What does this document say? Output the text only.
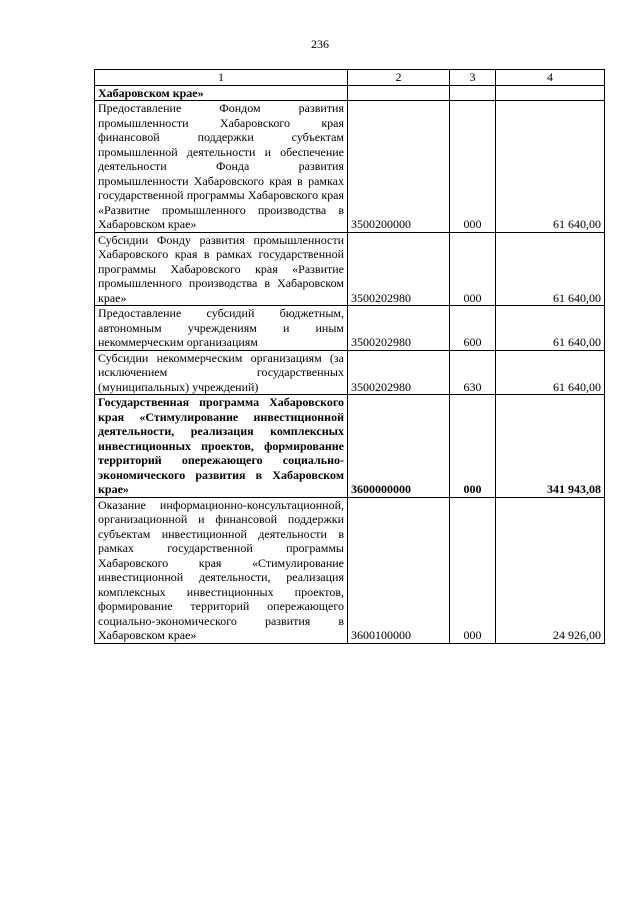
236
1	2	3	4
Хабаровском крае»			
Предоставление Фондом развития промышленности Хабаровского края финансовой поддержки субъектам промышленной деятельности и обеспечение деятельности Фонда развития промышленности Хабаровского края в рамках государственной программы Хабаровского края «Развитие промышленного производства в Хабаровском крае»	3500200000	000	61 640,00
Субсидии Фонду развития промышленности Хабаровского края в рамках государственной программы Хабаровского края «Развитие промышленного производства в Хабаровском крае»	3500202980	000	61 640,00
Предоставление субсидий бюджетным, автономным учреждениям и иным некоммерческим организациям	3500202980	600	61 640,00
Субсидии некоммерческим организациям (за исключением государственных (муниципальных) учреждений)	3500202980	630	61 640,00
Государственная программа Хабаровского края «Стимулирование инвестиционной деятельности, реализация комплексных инвестиционных проектов, формирование территорий опережающего социально-экономического развития в Хабаровском крае»	3600000000	000	341 943,08
Оказание информационно-консультационной, организационной и финансовой поддержки субъектам инвестиционной деятельности в рамках государственной программы Хабаровского края «Стимулирование инвестиционной деятельности, реализация комплексных инвестиционных проектов, формирование территорий опережающего социально-экономического развития в Хабаровском крае»	3600100000	000	24 926,00
